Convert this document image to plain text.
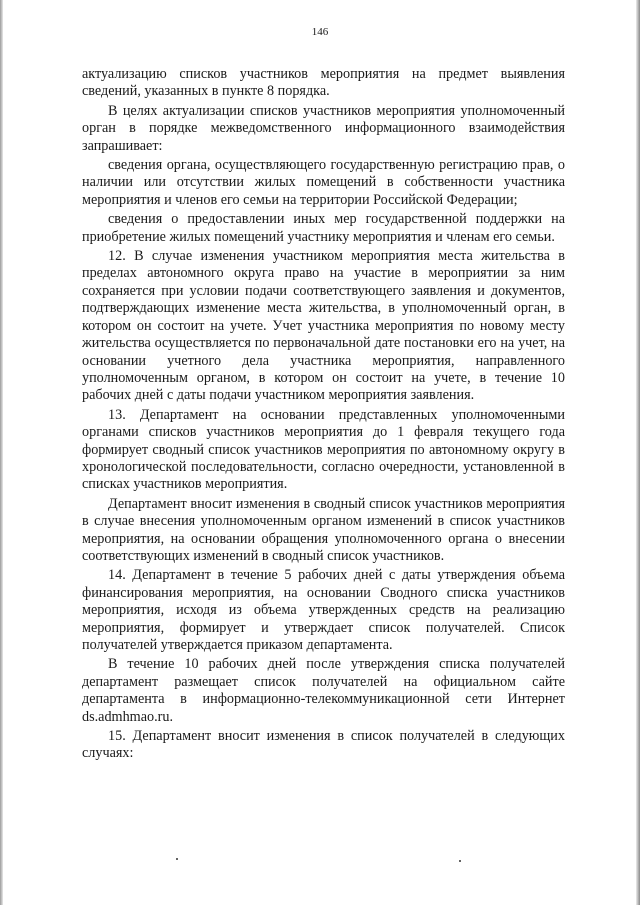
146

актуализацию списков участников мероприятия на предмет выявления сведений, указанных в пункте 8 порядка.

В целях актуализации списков участников мероприятия уполномоченный орган в порядке межведомственного информационного взаимодействия запрашивает:

сведения органа, осуществляющего государственную регистрацию прав, о наличии или отсутствии жилых помещений в собственности участника мероприятия и членов его семьи на территории Российской Федерации;

сведения о предоставлении иных мер государственной поддержки на приобретение жилых помещений участнику мероприятия и членам его семьи.

12. В случае изменения участником мероприятия места жительства в пределах автономного округа право на участие в мероприятии за ним сохраняется при условии подачи соответствующего заявления и документов, подтверждающих изменение места жительства, в уполномоченный орган, в котором он состоит на учете. Учет участника мероприятия по новому месту жительства осуществляется по первоначальной дате постановки его на учет, на основании учетного дела участника мероприятия, направленного уполномоченным органом, в котором он состоит на учете, в течение 10 рабочих дней с даты подачи участником мероприятия заявления.

13. Департамент на основании представленных уполномоченными органами списков участников мероприятия до 1 февраля текущего года формирует сводный список участников мероприятия по автономному округу в хронологической последовательности, согласно очередности, установленной в списках участников мероприятия.

Департамент вносит изменения в сводный список участников мероприятия в случае внесения уполномоченным органом изменений в список участников мероприятия, на основании обращения уполномоченного органа о внесении соответствующих изменений в сводный список участников.

14. Департамент в течение 5 рабочих дней с даты утверждения объема финансирования мероприятия, на основании Сводного списка участников мероприятия, исходя из объема утвержденных средств на реализацию мероприятия, формирует и утверждает список получателей. Список получателей утверждается приказом департамента.

В течение 10 рабочих дней после утверждения списка получателей департамент размещает список получателей на официальном сайте департамента в информационно-телекоммуникационной сети Интернет ds.admhmao.ru.

15. Департамент вносит изменения в список получателей в следующих случаях:
